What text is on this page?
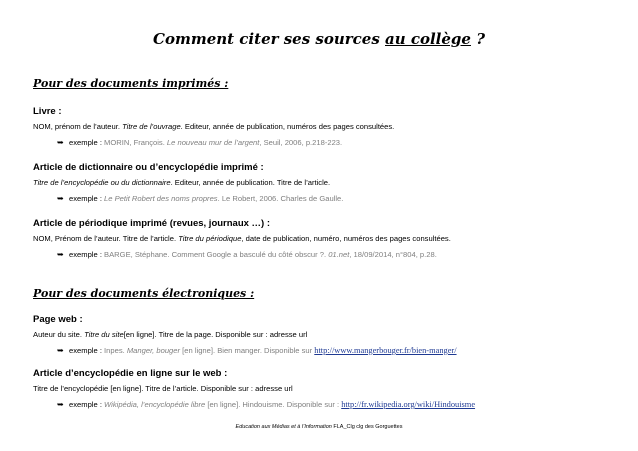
Comment citer ses sources au collège ?
Pour des documents imprimés :
Livre :
NOM, prénom de l’auteur. Titre de l’ouvrage. Editeur, année de publication, numéros des pages consultées.
➥ exemple : MORIN, François. Le nouveau mur de l’argent, Seuil, 2006, p.218-223.
Article de dictionnaire ou d’encyclopédie imprimé :
Titre de l’encyclopédie ou du dictionnaire. Editeur, année de publication. Titre de l’article.
➥ exemple : Le Petit Robert des noms propres. Le Robert, 2006. Charles de Gaulle.
Article de périodique imprimé (revues, journaux …) :
NOM, Prénom de l’auteur. Titre de l’article. Titre du périodique, date de publication, numéro, numéros des pages consultées.
➥ exemple : BARGE, Stéphane. Comment Google a basculé du côté obscur ?. 01.net, 18/09/2014, n°804, p.28.
Pour des documents électroniques :
Page web :
Auteur du site. Titre du site[en ligne]. Titre de la page. Disponible sur : adresse url
➥ exemple : Inpes. Manger, bouger [en ligne]. Bien manger. Disponible sur http://www.mangerbouger.fr/bien-manger/
Article d’encyclopédie en ligne sur le web :
Titre de l’encyclopédie [en ligne]. Titre de l’article. Disponible sur : adresse url
➥ exemple : Wikipédia, l’encyclopédie libre [en ligne]. Hindouisme. Disponible sur : http://fr.wikipedia.org/wiki/Hindouisme
Education aux Médias et à l’Information FLA_Clg clg des Gorguettes
